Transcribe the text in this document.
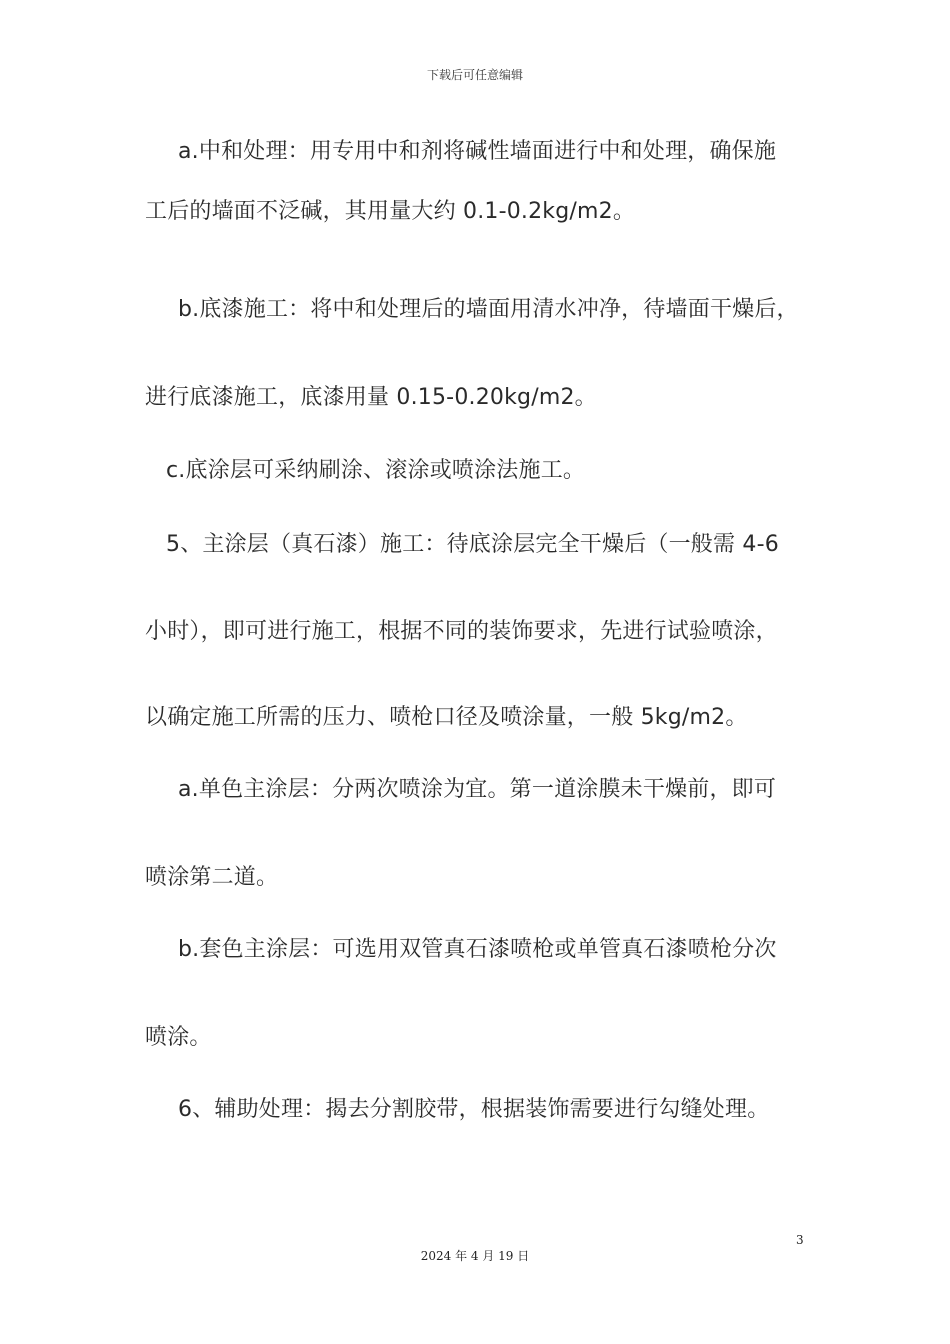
下载后可任意编辑
a.中和处理：用专用中和剂将碱性墙面进行中和处理，确保施
工后的墙面不泛碱，其用量大约 0.1-0.2kg/m2。
b.底漆施工：将中和处理后的墙面用清水冲净，待墙面干燥后，
进行底漆施工，底漆用量 0.15-0.20kg/m2。
c.底涂层可采纳刷涂、滚涂或喷涂法施工。
5、主涂层（真石漆）施工：待底涂层完全干燥后（一般需 4-6
小时），即可进行施工，根据不同的装饰要求，先进行试验喷涂，
以确定施工所需的压力、喷枪口径及喷涂量，一般 5kg/m2。
a.单色主涂层：分两次喷涂为宜。第一道涂膜未干燥前，即可
喷涂第二道。
b.套色主涂层：可选用双管真石漆喷枪或单管真石漆喷枪分次
喷涂。
6、辅助处理：揭去分割胶带，根据装饰需要进行勾缝处理。
3
2024 年 4 月 19 日
